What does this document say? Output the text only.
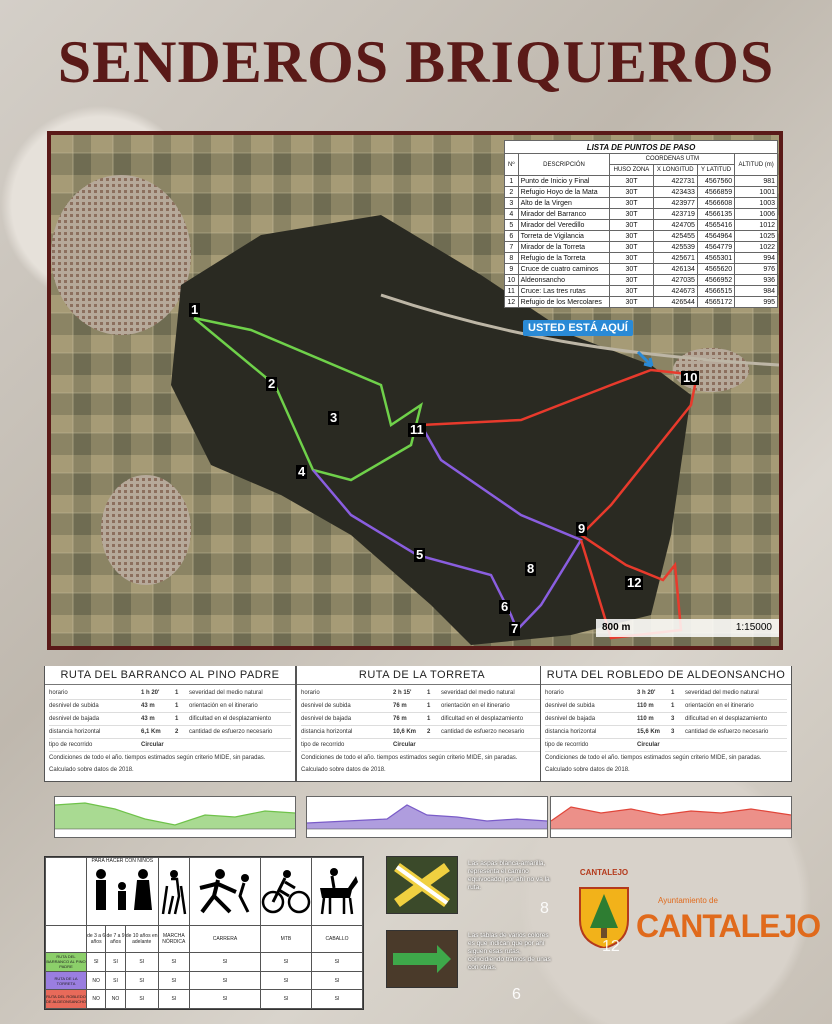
SENDEROS BRIQUEROS
USTED ESTÁ AQUÍ
1
2
3
4
5
6
7
8
9
10
11
12
800 m	1:15000
LISTA DE PUNTOS DE PASO					
Nº	DESCRIPCIÓN	COORDENAS UTM			ALTITUD (m)
		HUSO ZONA	X LONGITUD	Y LATITUD	
1	Punto de Inicio y Final	30T	422731	4567560	981
2	Refugio Hoyo de la Mata	30T	423433	4566859	1001
3	Alto de la Virgen	30T	423977	4566608	1003
4	Mirador del Barranco	30T	423719	4566135	1006
5	Mirador del Veredillo	30T	424705	4565416	1012
6	Torreta de Vigilancia	30T	425455	4564964	1025
7	Mirador de la Torreta	30T	425539	4564779	1022
8	Refugio de la Torreta	30T	425671	4565301	994
9	Cruce de cuatro caminos	30T	426134	4565620	976
10	Aldeonsancho	30T	427035	4566952	936
11	Cruce: Las tres rutas	30T	424673	4566515	984
12	Refugio de los Mercolares	30T	426544	4565172	995
RUTA DEL BARRANCO AL PINO PADRE
horario	1 h 20'	1 severidad del medio natural
desnivel de subida	43 m	1 orientación en el itinerario
desnivel de bajada	43 m	1 dificultad en el desplazamiento
distancia horizontal	6,1 Km 2 cantidad de esfuerzo necesario
tipo de recorrido	Circular
Condiciones de todo el año. tiempos estimados según criterio MIDE, sin paradas.
Calculado sobre datos de 2018.
RUTA DE LA TORRETA
horario	2 h 15'	1 severidad del medio natural
desnivel de subida	76 m	1 orientación en el itinerario
desnivel de bajada	76 m	1 dificultad en el desplazamiento
distancia horizontal	10,6 Km 2 cantidad de esfuerzo necesario
tipo de recorrido	Circular
Condiciones de todo el año. tiempos estimados según criterio MIDE, sin paradas.
Calculado sobre datos de 2018.
RUTA DEL ROBLEDO DE ALDEONSANCHO
horario	3 h 20'	1 severidad del medio natural
desnivel de subida	110 m	1 orientación en el itinerario
desnivel de bajada	110 m	3 dificultad en el desplazamiento
distancia horizontal	15,6 Km 3 cantidad de esfuerzo necesario
tipo de recorrido	Circular
Condiciones de todo el año. tiempos estimados según criterio MIDE, sin paradas.
Calculado sobre datos de 2018.

	PARA HACER CON NIÑOS

	de 3 a 6 años	de 7 a 9 años	de 10 años en adelante	MARCHA NÓRDICA	CARRERA	MTB	CABALLO
RUTA DEL BARRANCO AL PINO PADRE	SI	SI	SI	SI	SI	SI	SI
RUTA DE LA TORRETA	NO	SI	SI	SI	SI	SI	SI
RUTA DEL ROBLEDO DE ALDEONSANCHO	NO	NO	SI	SI	SI	SI	SI
Las aspas blanca-amarilla, representa el camino equivocado, por ahí no va la ruta.
Las tablas de varios colores es que indican que por ahí siguen esas rutas, coincidiendo tramos de unas con otras.
CANTALEJO
Ayuntamiento de
CANTALEJO
8
12
6
